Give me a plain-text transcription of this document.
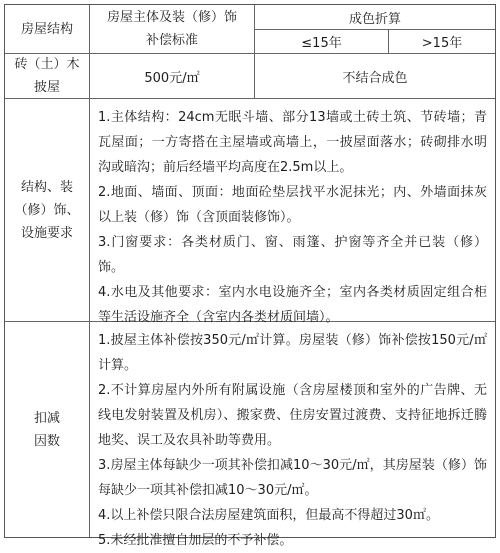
房屋结构
房屋主体及装（修）饰补偿标准
成色折算
≤15年	>15年
砖（土）木披屋
500元/㎡	不结合成色
结构、装（修）饰、设施要求

1.主体结构：24cm无眠斗墙、部分13墙或土砖土筑、节砖墙；青瓦屋面；一方寄搭在主屋墙或高墙上，一披屋面落水；砖砌排水明沟或暗沟；前后经墙平均高度在2.5m以上。

2.地面、墙面、顶面：地面砼垫层找平水泥抹光；内、外墙面抹灰以上装（修）饰（含顶面装修饰）。

3.门窗要求：各类材质门、窗、雨篷、护窗等齐全并已装（修）饰。

4.水电及其他要求：室内水电设施齐全；室内各类材质固定组合柜等生活设施齐全（含室内各类材质间墙）。

扣减因数

1.披屋主体补偿按350元/㎡计算。房屋装（修）饰补偿按150元/㎡计算。

2.不计算房屋内外所有附属设施（含房屋楼顶和室外的广告牌、无线电发射装置及机房）、搬家费、住房安置过渡费、支持征地拆迁腾地奖、误工及农具补助等费用。

3.房屋主体每缺少一项其补偿扣减10～30元/㎡，其房屋装（修）饰每缺少一项其补偿扣减10～30元/㎡。

4.以上补偿只限合法房屋建筑面积，但最高不得超过30㎡。

5.未经批准擅自加层的不予补偿。
